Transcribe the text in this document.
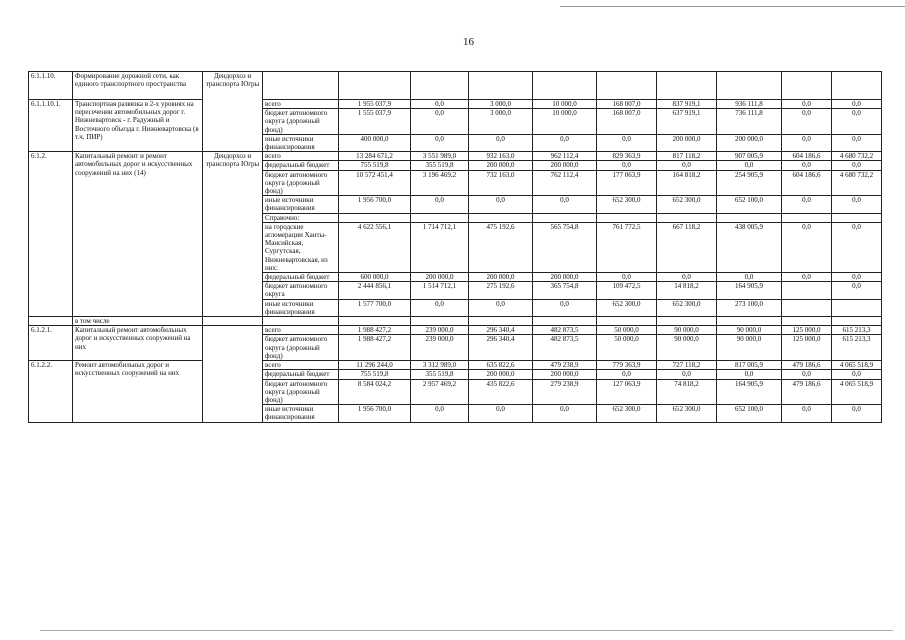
16
6.1.1.10.	Формирование дорожной сети, как единого транспортного пространства	Дендорхоз и транспорта Югры										
6.1.1.10.1.	Транспортная развязка в 2-х уровнях на пересечении автомобильных дорог г. Нижневартовск - г. Радужный и Восточного объезда г. Нижневартовска (в т.ч. ПИР)		всего	1 955 037,9	0,0	3 000,0	10 000,0	168 007,0	837 919,1	936 111,8	0,0	0,0
			бюджет автономного округа (дорожный фонд)	1 555 037,9	0,0	3 000,0	10 000,0	168 007,0	637 919,1	736 111,8	0,0	0,0
			иные источники финансирования	400 000,0	0,0	0,0	0,0	0,0	200 000,0	200 000,0	0,0	0,0
6.1.2.	Капитальный ремонт и ремонт автомобильных дорог и искусственных сооружений на них (14)	Дендорхоз и транспорта Югры	всего	13 284 671,2	3 551 989,0	932 163,0	962 112,4	829 363,9	817 118,2	907 005,9	604 186,6	4 680 732,2
			федеральный бюджет	755 519,8	355 519,8	200 000,0	200 000,0	0,0	0,0	0,0	0,0	0,0
			бюджет автономного округа (дорожный фонд)	10 572 451,4	3 196 469,2	732 163,0	762 112,4	177 063,9	164 818,2	254 905,9	604 186,6	4 680 732,2
			иные источники финансирования	1 956 700,0	0,0	0,0	0,0	652 300,0	652 300,0	652 100,0	0,0	0,0
			Справочно:									
			на городские агломерации Ханты-Мансийская, Сургутская, Нижневартовская, из них:	4 622 556,1	1 714 712,1	475 192,6	565 754,8	761 772,5	667 118,2	438 005,9	0,0	0,0
			федеральный бюджет	600 000,0	200 000,0	200 000,0	200 000,0	0,0	0,0	0,0	0,0	0,0
			бюджет автономного округа	2 444 856,1	1 514 712,1	275 192,6	365 754,8	109 472,5	14 818,2	164 905,9		0,0
			иные источники финансирования	1 577 700,0	0,0	0,0	0,0	652 300,0	652 300,0	273 100,0		
	в том числе											
6.1.2.1.	Капитальный ремонт автомобильных дорог и искусственных сооружений на них		всего	1 988 427,2	239 000,0	296 340,4	482 873,5	50 000,0	90 000,0	90 000,0	125 000,0	615 213,3
			бюджет автономного округа (дорожный фонд)	1 988 427,2	239 000,0	296 340,4	482 873,5	50 000,0	90 000,0	90 000,0	125 000,0	615 213,3
6.1.2.2.	Ремонт автомобильных дорог и искусственных сооружений на них		всего	11 296 244,0	3 312 989,0	635 822,6	479 238,9	779 363,9	727 118,2	817 005,9	479 186,6	4 065 518,9
			федеральный бюджет	755 519,8	355 519,8	200 000,0	200 000,0	0,0	0,0	0,0	0,0	0,0
			бюджет автономного округа (дорожный фонд)	8 584 024,2	2 957 469,2	435 822,6	279 238,9	127 063,9	74 818,2	164 905,9	479 186,6	4 065 518,9
			иные источники финансирования	1 956 700,0	0,0	0,0	0,0	652 300,0	652 300,0	652 100,0	0,0	0,0
